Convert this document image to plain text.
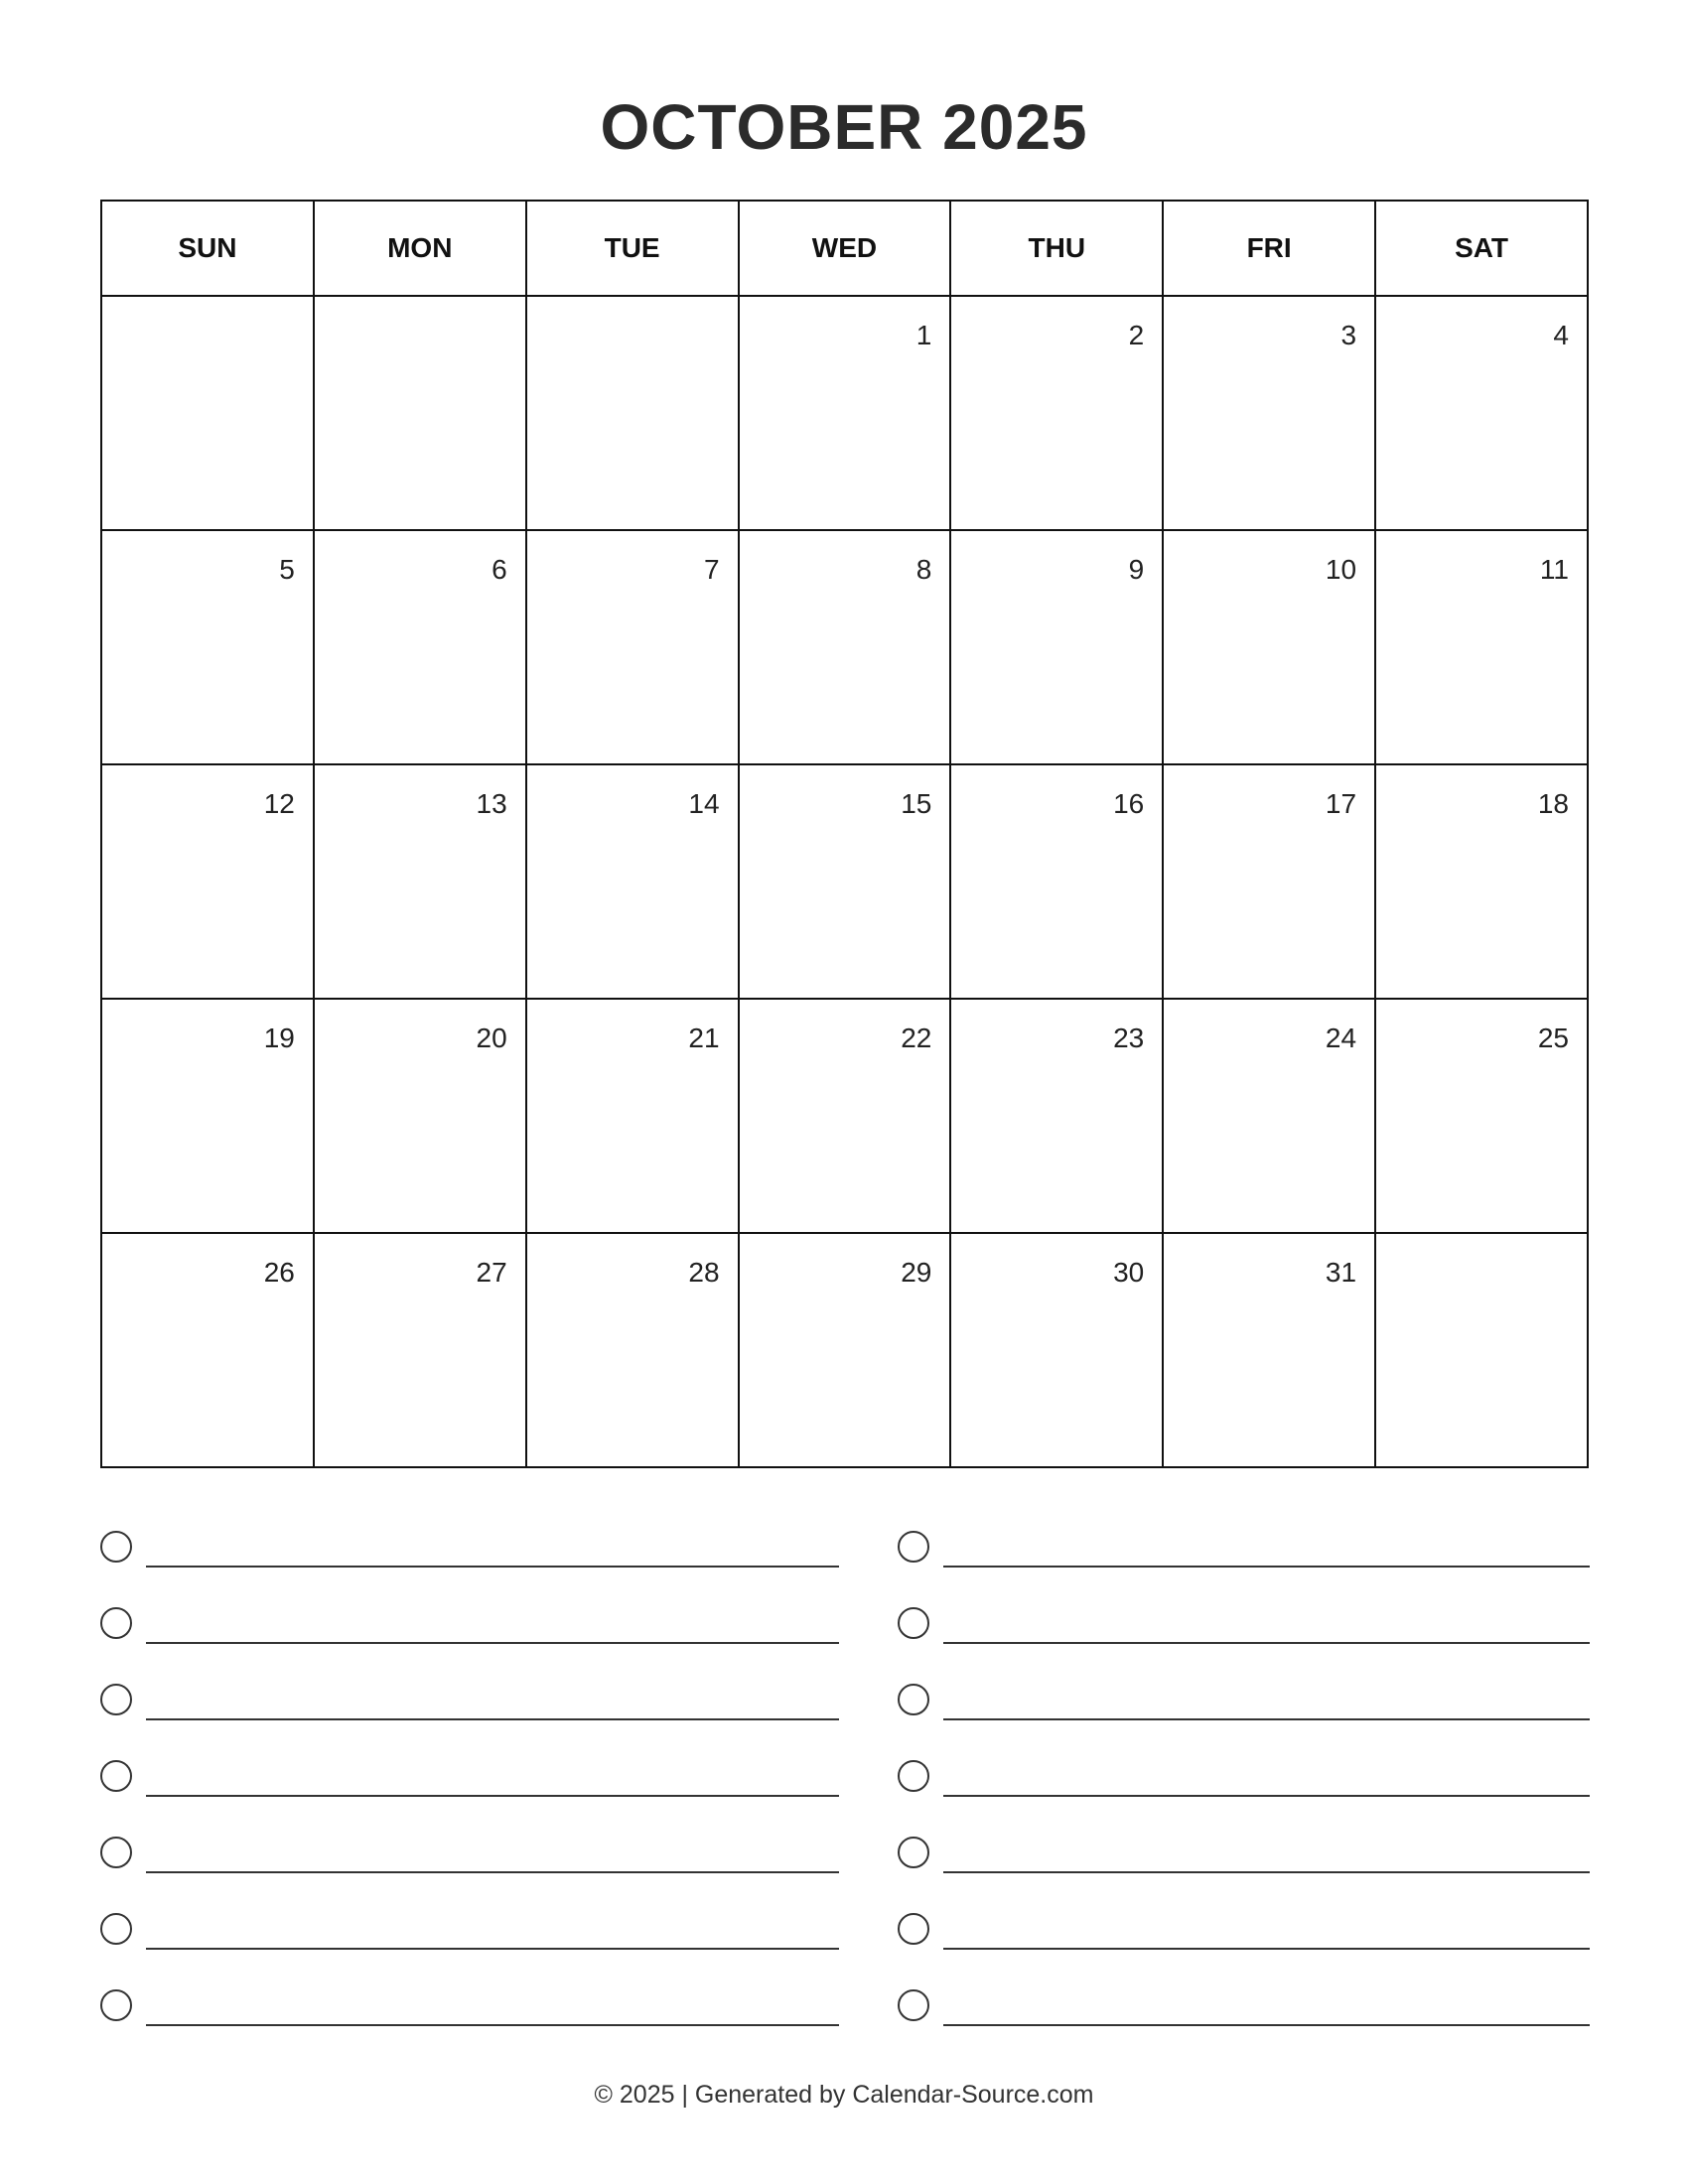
OCTOBER 2025
SUN	MON	TUE	WED	THU	FRI	SAT

			1	2	3	4

5	6	7	8	9	10	11

12	13	14	15	16	17	18

19	20	21	22	23	24	25

26	27	28	29	30	31	

© 2025 | Generated by Calendar-Source.com
